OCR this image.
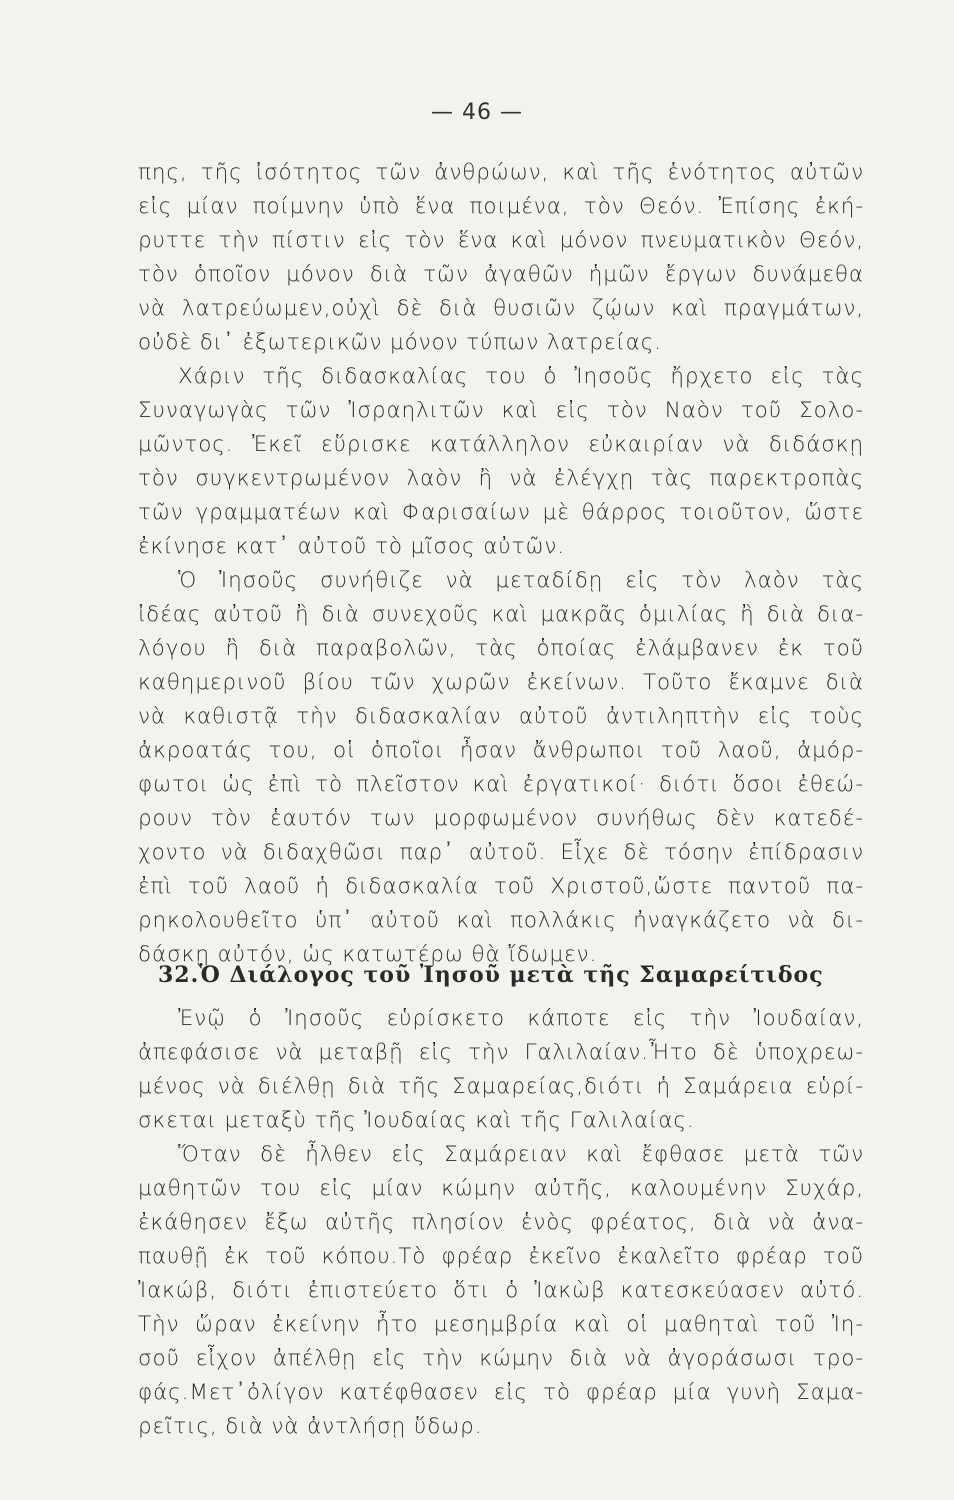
— 46 —
πης, τῆς ἰσότητος τῶν ἀνθρώων, καὶ τῆς ἑνότητος αὐτῶν
εἰς μίαν ποίμνην ὑπὸ ἕνα ποιμένα, τὸν Θεόν. Ἐπίσης ἐκή-
ρυττε τὴν πίστιν εἰς τὸν ἕνα καὶ μόνον πνευματικὸν Θεόν,
τὸν ὁποῖον μόνον διὰ τῶν ἀγαθῶν ἡμῶν ἔργων δυνάμεθα
νὰ λατρεύωμεν,οὐχὶ δὲ διὰ θυσιῶν ζῴων καὶ πραγμάτων,
οὐδὲ δι᾽ ἐξωτερικῶν μόνον τύπων λατρείας.
Χάριν τῆς διδασκαλίας του ὁ Ἰησοῦς ἤρχετο εἰς τὰς
Συναγωγὰς τῶν Ἰσραηλιτῶν καὶ εἰς τὸν Ναὸν τοῦ Σολο-
μῶντος. Ἐκεῖ εὕρισκε κατάλληλον εὐκαιρίαν νὰ διδάσκῃ
τὸν συγκεντρωμένον λαὸν ἢ νὰ ἐλέγχῃ τὰς παρεκτροπὰς
τῶν γραμματέων καὶ Φαρισαίων μὲ θάρρος τοιοῦτον, ὥστε
ἐκίνησε κατ᾽ αὐτοῦ τὸ μῖσος αὐτῶν.
Ὁ Ἰησοῦς συνήθιζε νὰ μεταδίδῃ εἰς τὸν λαὸν τὰς
ἰδέας αὐτοῦ ἢ διὰ συνεχοῦς καὶ μακρᾶς ὁμιλίας ἢ διὰ δια-
λόγου ἢ διὰ παραβολῶν, τὰς ὁποίας ἐλάμβανεν ἐκ τοῦ
καθημερινοῦ βίου τῶν χωρῶν ἐκείνων. Τοῦτο ἔκαμνε διὰ
νὰ καθιστᾷ τὴν διδασκαλίαν αὐτοῦ ἀντιληπτὴν εἰς τοὺς
ἀκροατάς του, οἱ ὁποῖοι ἦσαν ἄνθρωποι τοῦ λαοῦ, ἀμόρ-
φωτοι ὡς ἐπὶ τὸ πλεῖστον καὶ ἐργατικοί· διότι ὅσοι ἐθεώ-
ρουν τὸν ἑαυτόν των μορφωμένον συνήθως δὲν κατεδέ-
χοντο νὰ διδαχθῶσι παρ᾽ αὐτοῦ. Εἶχε δὲ τόσην ἐπίδρασιν
ἐπὶ τοῦ λαοῦ ἡ διδασκαλία τοῦ Χριστοῦ,ὥστε παντοῦ πα-
ρηκολουθεῖτο ὑπ᾽ αὐτοῦ καὶ πολλάκις ἠναγκάζετο νὰ δι-
δάσκῃ αὐτόν, ὡς κατωτέρω θὰ ἴδωμεν.
32.Ὁ Διάλογος τοῦ Ἰησοῦ μετὰ τῆς Σαμαρείτιδος
Ἐνῷ ὁ Ἰησοῦς εὑρίσκετο κάποτε εἰς τὴν Ἰουδαίαν,
ἀπεφάσισε νὰ μεταβῇ εἰς τὴν Γαλιλαίαν.Ἦτο δὲ ὑποχρεω-
μένος νὰ διέλθῃ διὰ τῆς Σαμαρείας,διότι ἡ Σαμάρεια εὑρί-
σκεται μεταξὺ τῆς Ἰουδαίας καὶ τῆς Γαλιλαίας.
Ὅταν δὲ ἦλθεν εἰς Σαμάρειαν καὶ ἔφθασε μετὰ τῶν
μαθητῶν του εἰς μίαν κώμην αὐτῆς, καλουμένην Συχάρ,
ἐκάθησεν ἔξω αὐτῆς πλησίον ἑνὸς φρέατος, διὰ νὰ ἀνα-
παυθῇ ἐκ τοῦ κόπου.Τὸ φρέαρ ἐκεῖνο ἐκαλεῖτο φρέαρ τοῦ
Ἰακώβ, διότι ἐπιστεύετο ὅτι ὁ Ἰακὼβ κατεσκεύασεν αὐτό.
Τὴν ὥραν ἐκείνην ἦτο μεσημβρία καὶ οἱ μαθηταὶ τοῦ Ἰη-
σοῦ εἶχον ἀπέλθῃ εἰς τὴν κώμην διὰ νὰ ἀγοράσωσι τρο-
φάς.Μετ᾽ὀλίγον κατέφθασεν εἰς τὸ φρέαρ μία γυνὴ Σαμα-
ρεῖτις, διὰ νὰ ἀντλήσῃ ὕδωρ.
